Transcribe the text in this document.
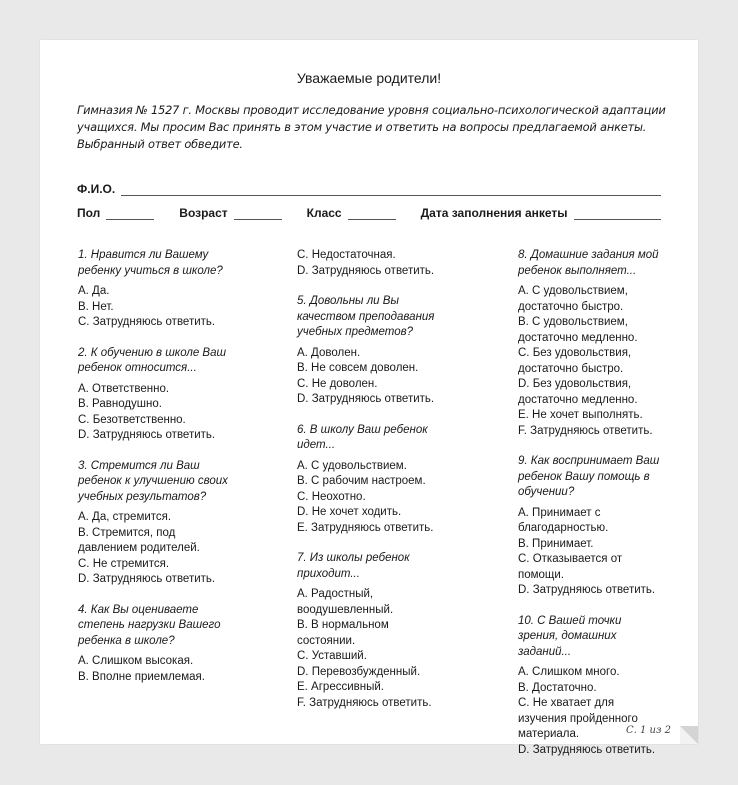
Уважаемые родители!
Гимназия № 1527 г. Москвы проводит исследование уровня социально-психологической адаптации учащихся. Мы просим Вас принять в этом участие и ответить на вопросы предлагаемой анкеты. Выбранный ответ обведите.
Ф.И.О.
Пол	Возраст	Класс	Дата заполнения анкеты
1. Нравится ли Вашему ребенку учиться в школе?
А. Да.
В. Нет.
С. Затрудняюсь ответить.
2. К обучению в школе Ваш ребенок относится...
А. Ответственно.
В. Равнодушно.
С. Безответственно.
D. Затрудняюсь ответить.
3. Стремится ли Ваш ребенок к улучшению своих учебных результатов?
А. Да, стремится.
В. Стремится, под давлением родителей.
С. Не стремится.
D. Затрудняюсь ответить.
4. Как Вы оцениваете степень нагрузки Вашего ребенка в школе?
А. Слишком высокая.
В. Вполне приемлемая.
С. Недостаточная.
D. Затрудняюсь ответить.
5. Довольны ли Вы качеством преподавания учебных предметов?
А. Доволен.
В. Не совсем доволен.
С. Не доволен.
D. Затрудняюсь ответить.
6. В школу Ваш ребенок идет...
А. С удовольствием.
В. С рабочим настроем.
С. Неохотно.
D. Не хочет ходить.
E. Затрудняюсь ответить.
7. Из школы ребенок приходит...
А. Радостный, воодушевленный.
В. В нормальном состоянии.
С. Уставший.
D. Перевозбужденный.
E. Агрессивный.
F. Затрудняюсь ответить.
8. Домашние задания мой ребенок выполняет...
А. С удовольствием, достаточно быстро.
В. С удовольствием, достаточно медленно.
С. Без удовольствия, достаточно быстро.
D. Без удовольствия, достаточно медленно.
E. Не хочет выполнять.
F. Затрудняюсь ответить.
9. Как воспринимает Ваш ребенок Вашу помощь в обучении?
А. Принимает с благодарностью.
В. Принимает.
С. Отказывается от помощи.
D. Затрудняюсь ответить.
10. С Вашей точки зрения, домашних заданий...
А. Слишком много.
В. Достаточно.
С. Не хватает для изучения пройденного материала.
D. Затрудняюсь ответить.
С. 1 из 2
